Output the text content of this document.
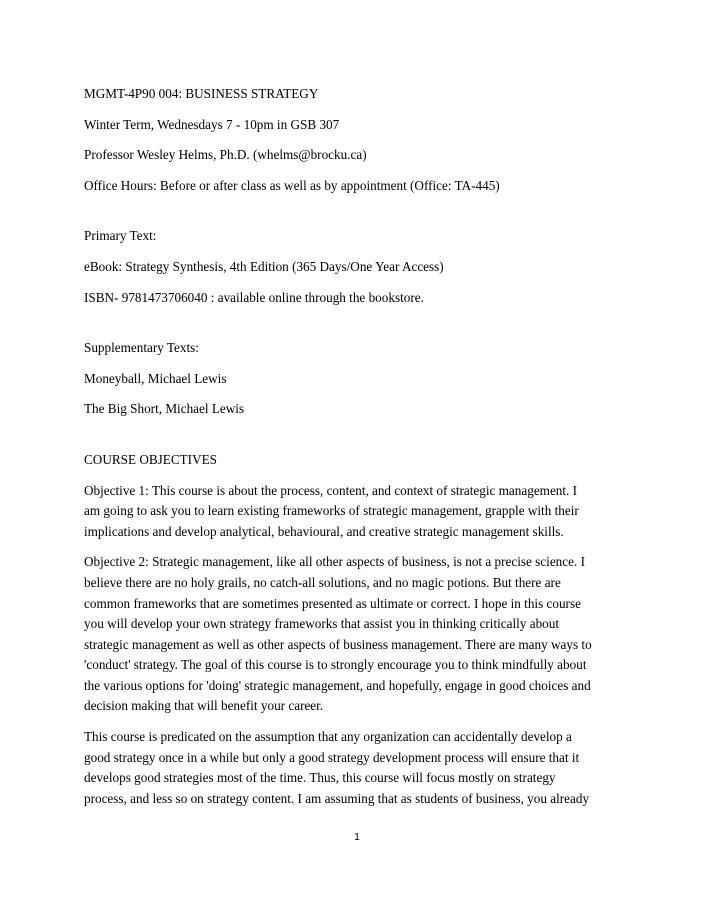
MGMT-4P90 004: BUSINESS STRATEGY

Winter Term, Wednesdays 7 - 10pm in GSB 307

Professor Wesley Helms, Ph.D. (whelms@brocku.ca)

Office Hours: Before or after class as well as by appointment (Office: TA-445)

Primary Text:

eBook: Strategy Synthesis, 4th Edition (365 Days/One Year Access)

ISBN- 9781473706040 : available online through the bookstore.

Supplementary Texts:

Moneyball, Michael Lewis

The Big Short, Michael Lewis

COURSE OBJECTIVES

Objective 1: This course is about the process, content, and context of strategic management. I

am going to ask you to learn existing frameworks of strategic management, grapple with their

implications and develop analytical, behavioural, and creative strategic management skills.

Objective 2: Strategic management, like all other aspects of business, is not a precise science. I

believe there are no holy grails, no catch-all solutions, and no magic potions. But there are

common frameworks that are sometimes presented as ultimate or correct. I hope in this course

you will develop your own strategy frameworks that assist you in thinking critically about

strategic management as well as other aspects of business management. There are many ways to

'conduct' strategy. The goal of this course is to strongly encourage you to think mindfully about

the various options for 'doing' strategic management, and hopefully, engage in good choices and

decision making that will benefit your career.

This course is predicated on the assumption that any organization can accidentally develop a

good strategy once in a while but only a good strategy development process will ensure that it

develops good strategies most of the time. Thus, this course will focus mostly on strategy

process, and less so on strategy content. I am assuming that as students of business, you already

1
